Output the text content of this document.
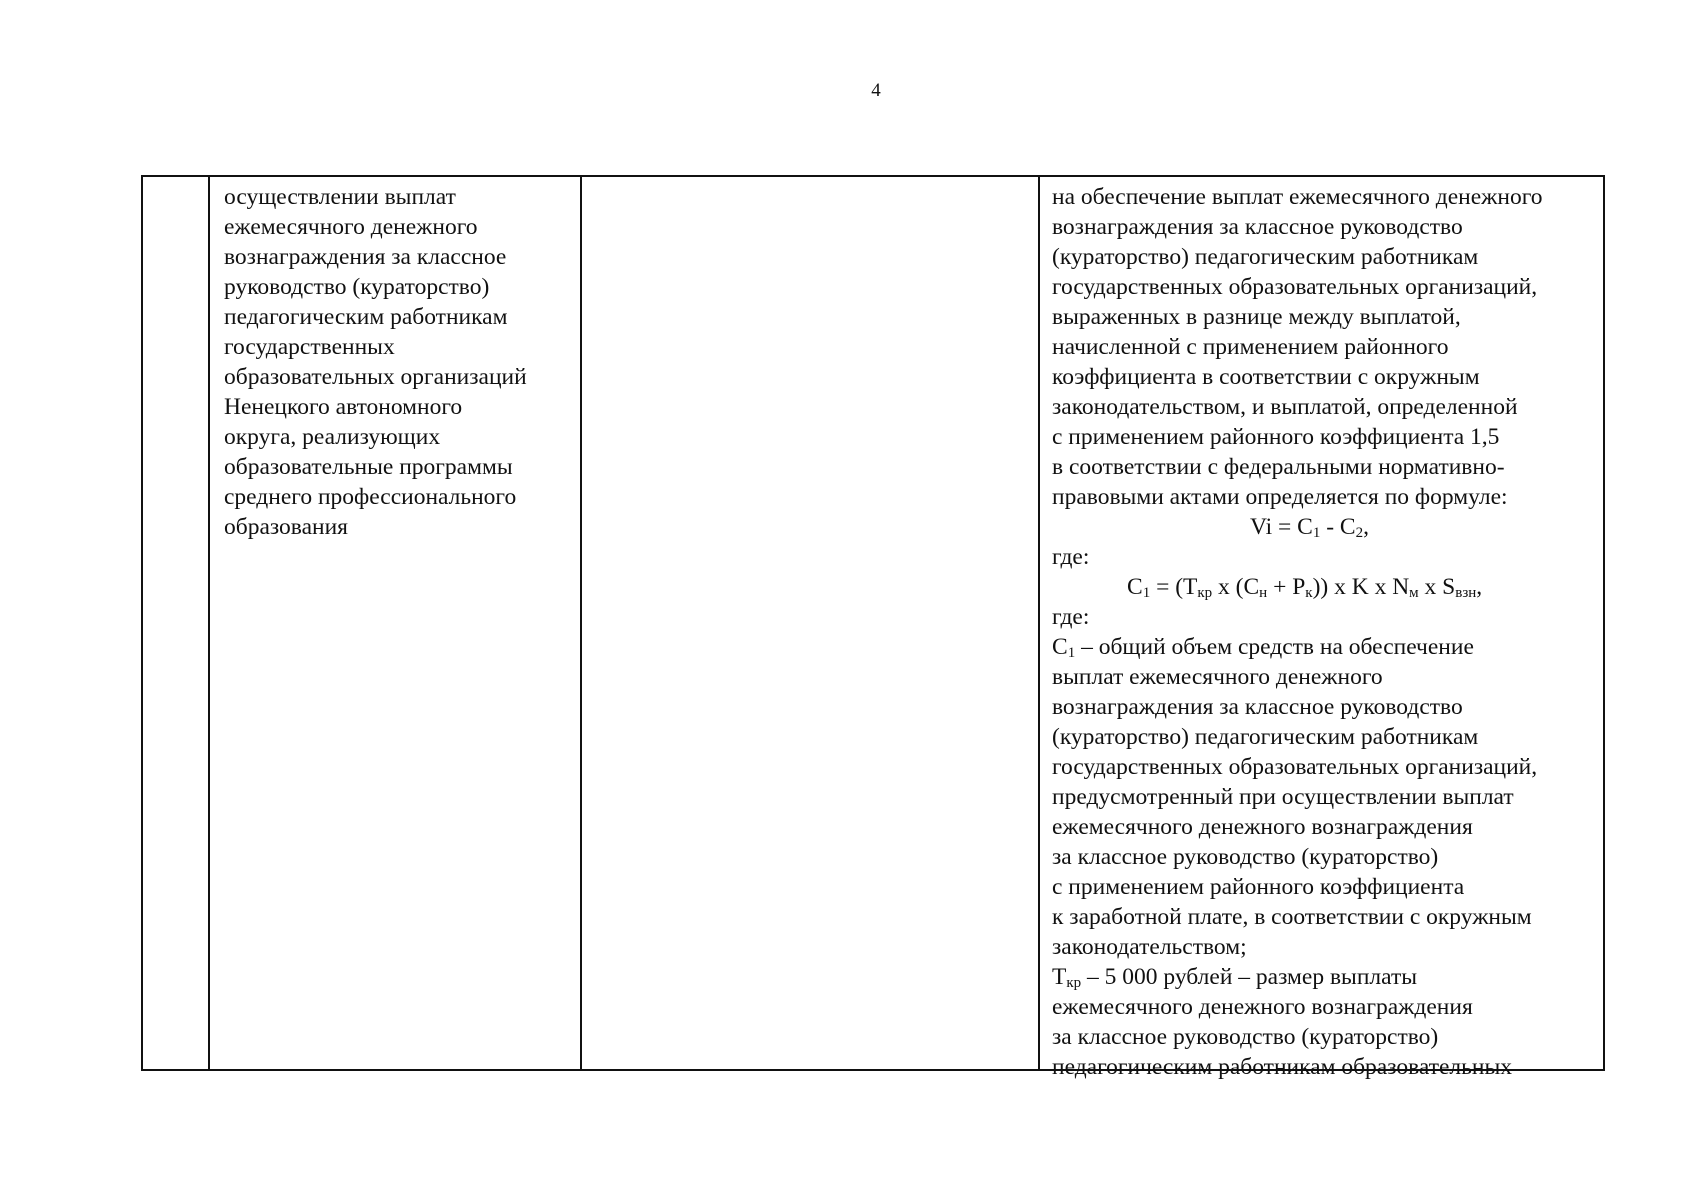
4

осуществлении выплат
ежемесячного денежного
вознаграждения за классное
руководство (кураторство)
педагогическим работникам
государственных
образовательных организаций
Ненецкого автономного
округа, реализующих
образовательные программы
среднего профессионального
образования

на обеспечение выплат ежемесячного денежного
вознаграждения за классное руководство
(кураторство) педагогическим работникам
государственных образовательных организаций,
выраженных в разнице между выплатой,
начисленной с применением районного
коэффициента в соответствии с окружным
законодательством, и выплатой, определенной
с применением районного коэффициента 1,5
в соответствии с федеральными нормативно-
правовыми актами определяется по формуле:
$Vi = C_1 - C_2$,
где:
$C_1 = (T_{кр}$ x $(C_н + P_к)$) x K x $N_м$ x $S_{взн}$,
где:
$C_1$ – общий объем средств на обеспечение
выплат ежемесячного денежного
вознаграждения за классное руководство
(кураторство) педагогическим работникам
государственных образовательных организаций,
предусмотренный при осуществлении выплат
ежемесячного денежного вознаграждения
за классное руководство (кураторство)
с применением районного коэффициента
к заработной плате, в соответствии с окружным
законодательством;
$T_{кр} - 5$ 000 рублей – размер выплаты
ежемесячного денежного вознаграждения
за классное руководство (кураторство)
педагогическим работникам образовательных
